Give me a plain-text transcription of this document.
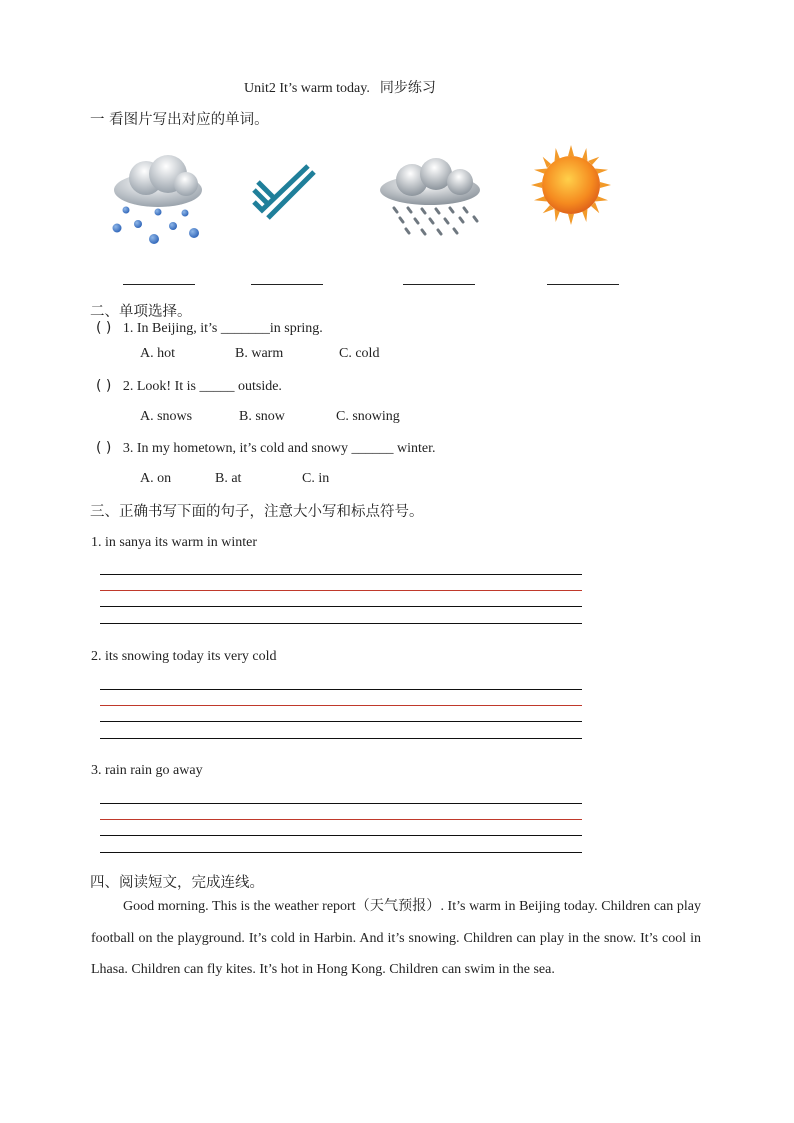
Unit2 It’s warm today. 同步练习
一 看图片写出对应的单词。
二、单项选择。
( ) 1. In Beijing, it’s _______in spring.
A. hot	B. warm	C. cold
( ) 2. Look! It is _____ outside.
A. snows	B. snow	C. snowing
( ) 3. In my hometown, it’s cold and snowy ______ winter.
A. on	B. at	C. in
三、正确书写下面的句子，注意大小写和标点符号。
1. in sanya its warm in winter
2. its snowing today its very cold
3. rain rain go away
四、阅读短文，完成连线。

Good morning. This is the weather report（天气预报）. It’s warm in Beijing today. Children can play football on the playground. It’s cold in Harbin. And it’s snowing. Children can play in the snow. It’s cool in Lhasa. Children can fly kites. It’s hot in Hong Kong. Children can swim in the sea.
